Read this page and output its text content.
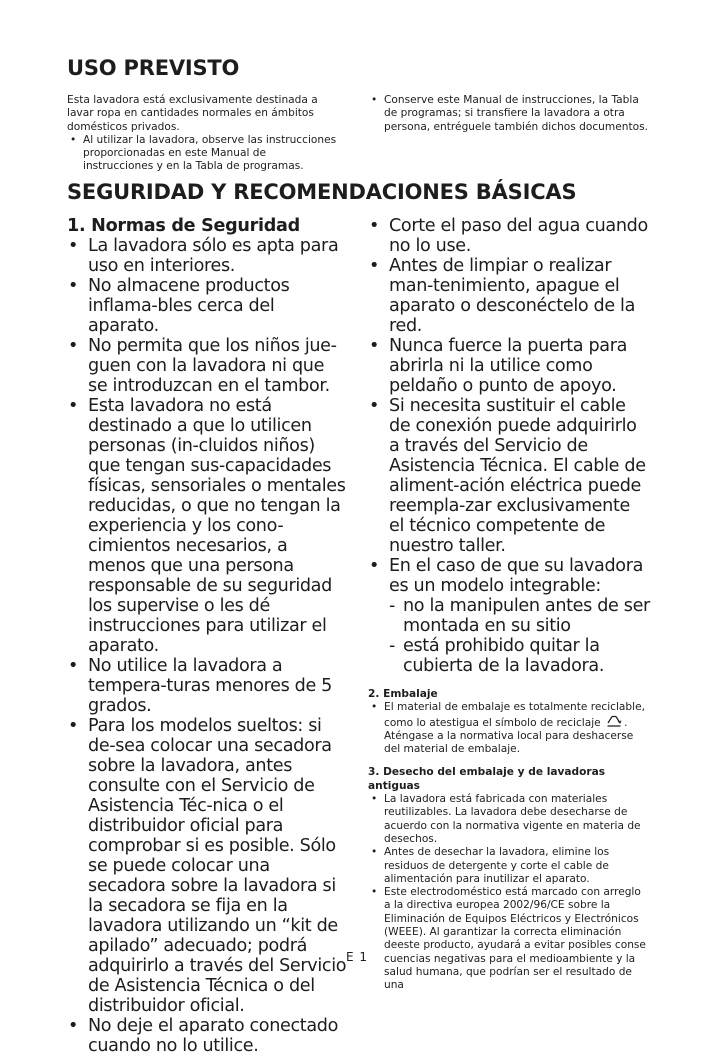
USO PREVISTO

Esta lavadora está exclusivamente destinada a lavar ropa en cantidades normales en ámbitos domésticos privados.

• Al utilizar la lavadora, observe las instrucciones proporcionadas en este Manual de instrucciones y en la Tabla de programas.
• Conserve este Manual de instrucciones, la Tabla de programas; si transfiere la lavadora a otra persona, entréguele también dichos documentos.
SEGURIDAD Y RECOMENDACIONES BÁSICAS
1. Normas de Seguridad
• La lavadora sólo es apta para uso en interiores.
• No almacene productos inflama-bles cerca del aparato.
• No permita que los niños jue-guen con la lavadora ni que se introduzcan en el tambor.
• Esta lavadora no está destinado a que lo utilicen personas (in-cluidos niños) que tengan sus-capacidades físicas, sensoriales o mentales reducidas, o que no tengan la experiencia y los cono-cimientos necesarios, a menos que una persona responsable de su seguridad los supervise o les dé instrucciones para utilizar el aparato.
• No utilice la lavadora a tempera-turas menores de 5 grados.
• Para los modelos sueltos: si de-sea colocar una secadora sobre la lavadora, antes consulte con el Servicio de Asistencia Téc-nica o el distribuidor oficial para comprobar si es posible. Sólo se puede colocar una secadora sobre la lavadora si la secadora se fija en la lavadora utilizando un “kit de apilado” adecuado; podrá adquirirlo a través del Servicio de Asistencia Técnica o del distribuidor oficial.
• No deje el aparato conectado cuando no lo utilice.
• Corte el paso del agua cuando no lo use.
• Antes de limpiar o realizar man-tenimiento, apague el aparato o desconéctelo de la red.
• Nunca fuerce la puerta para abrirla ni la utilice como peldaño o punto de apoyo.
• Si necesita sustituir el cable de conexión puede adquirirlo a través del Servicio de Asistencia Técnica. El cable de aliment-ación eléctrica puede reempla-zar exclusivamente el técnico competente de nuestro taller.
• En el caso de que su lavadora es un modelo integrable:
- no la manipulen antes de ser montada en su sitio
- está prohibido quitar la cubierta de la lavadora.
2. Embalaje
• El material de embalaje es totalmente reciclable, como lo atestigua el símbolo de reciclaje . Aténgase a la normativa local para deshacerse del material de embalaje.
3. Desecho del embalaje y de lavadoras antiguas
• La lavadora está fabricada con materiales reutilizables. La lavadora debe desecharse de acuerdo con la normativa vigente en materia de desechos.
• Antes de desechar la lavadora, elimine los residuos de detergente y corte el cable de alimentación para inutilizar el aparato.
• Este electrodoméstico está marcado con arreglo a la directiva europea 2002/96/CE sobre la Eliminación de Equipos Eléctricos y Electrónicos (WEEE). Al garantizar la correcta eliminación deeste producto, ayudará a evitar posibles conse cuencias negativas para el medioambiente y la salud humana, que podrían ser el resultado de una
E 1
